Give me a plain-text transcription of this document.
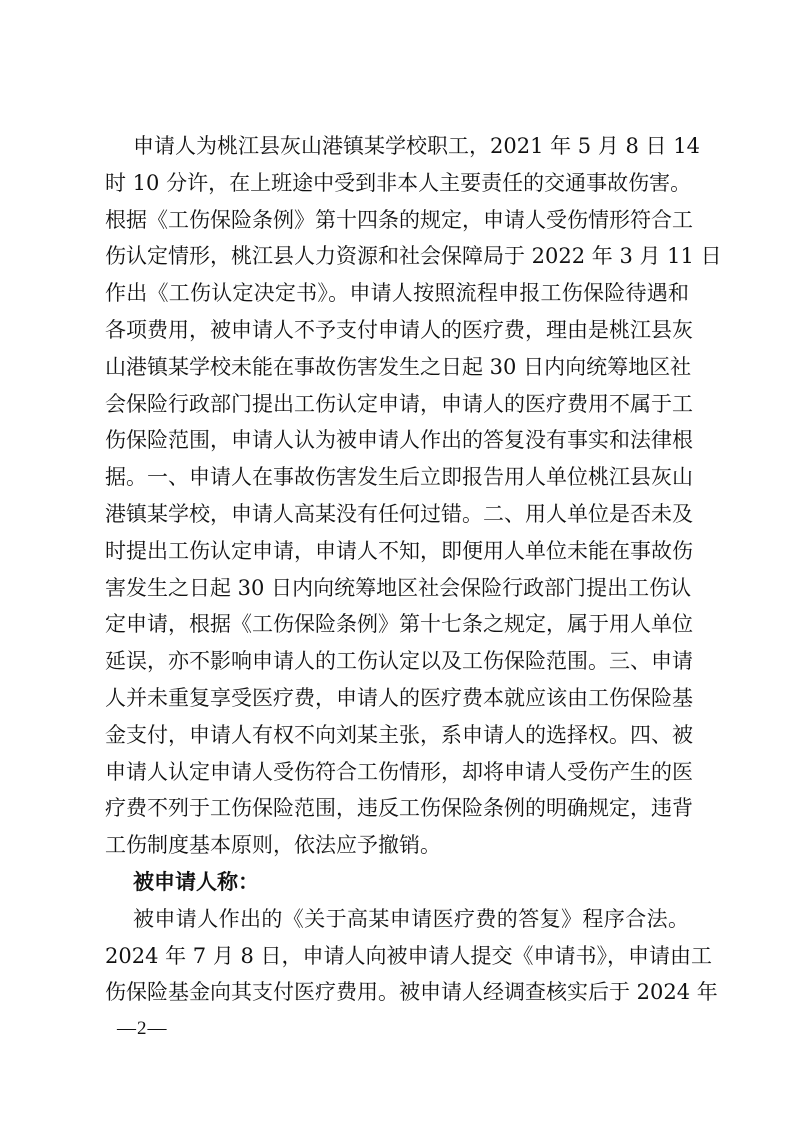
申请人为桃江县灰山港镇某学校职工，2021 年 5 月 8 日 14
时 10 分许，在上班途中受到非本人主要责任的交通事故伤害。
根据《工伤保险条例》第十四条的规定，申请人受伤情形符合工
伤认定情形，桃江县人力资源和社会保障局于 2022 年 3 月 11 日
作出《工伤认定决定书》。申请人按照流程申报工伤保险待遇和
各项费用，被申请人不予支付申请人的医疗费，理由是桃江县灰
山港镇某学校未能在事故伤害发生之日起 30 日内向统筹地区社
会保险行政部门提出工伤认定申请，申请人的医疗费用不属于工
伤保险范围，申请人认为被申请人作出的答复没有事实和法律根
据。一、申请人在事故伤害发生后立即报告用人单位桃江县灰山
港镇某学校，申请人高某没有任何过错。二、用人单位是否未及
时提出工伤认定申请，申请人不知，即便用人单位未能在事故伤
害发生之日起 30 日内向统筹地区社会保险行政部门提出工伤认
定申请，根据《工伤保险条例》第十七条之规定，属于用人单位
延误，亦不影响申请人的工伤认定以及工伤保险范围。三、申请
人并未重复享受医疗费，申请人的医疗费本就应该由工伤保险基
金支付，申请人有权不向刘某主张，系申请人的选择权。四、被
申请人认定申请人受伤符合工伤情形，却将申请人受伤产生的医
疗费不列于工伤保险范围，违反工伤保险条例的明确规定，违背
工伤制度基本原则，依法应予撤销。
被申请人称：
被申请人作出的《关于高某申请医疗费的答复》程序合法。
2024 年 7 月 8 日，申请人向被申请人提交《申请书》，申请由工
伤保险基金向其支付医疗费用。被申请人经调查核实后于 2024 年
—2—
